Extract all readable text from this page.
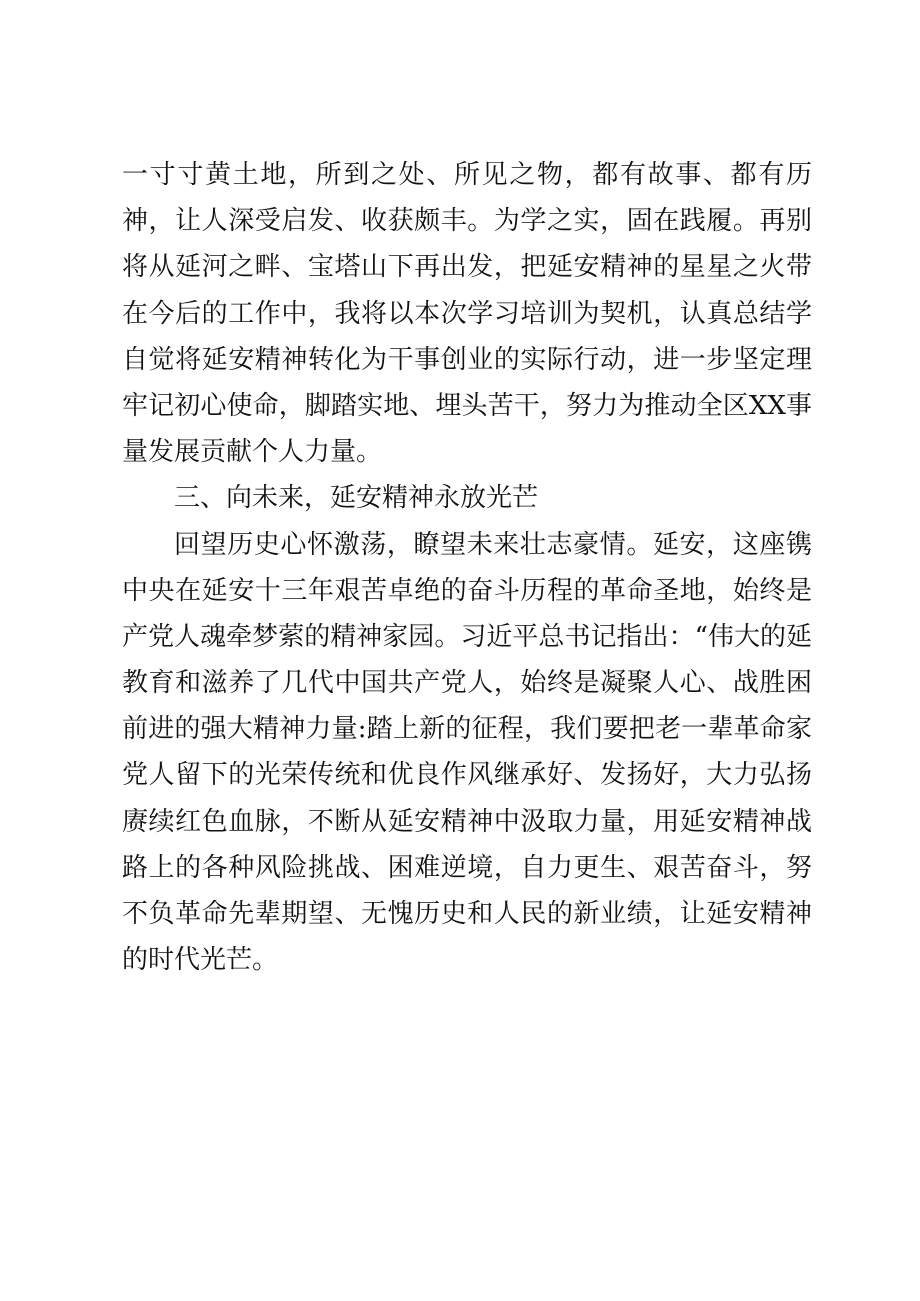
一寸寸黄土地，所到之处、所见之物，都有故事、都有历
神，让人深受启发、收获颇丰。为学之实，固在践履。再别
将从延河之畔、宝塔山下再出发，把延安精神的星星之火带
在今后的工作中，我将以本次学习培训为契机，认真总结学
自觉将延安精神转化为干事创业的实际行动，进一步坚定理
牢记初心使命，脚踏实地、埋头苦干，努力为推动全区XX事
量发展贡献个人力量。
三、向未来，延安精神永放光芒
回望历史心怀激荡，瞭望未来壮志豪情。延安，这座镌
中央在延安十三年艰苦卓绝的奋斗历程的革命圣地，始终是
产党人魂牵梦萦的精神家园。习近平总书记指出：“伟大的延
教育和滋养了几代中国共产党人，始终是凝聚人心、战胜困
前进的强大精神力量:踏上新的征程，我们要把老一辈革命家
党人留下的光荣传统和优良作风继承好、发扬好，大力弘扬
赓续红色血脉，不断从延安精神中汲取力量，用延安精神战
路上的各种风险挑战、困难逆境，自力更生、艰苦奋斗，努
不负革命先辈期望、无愧历史和人民的新业绩，让延安精神
的时代光芒。
